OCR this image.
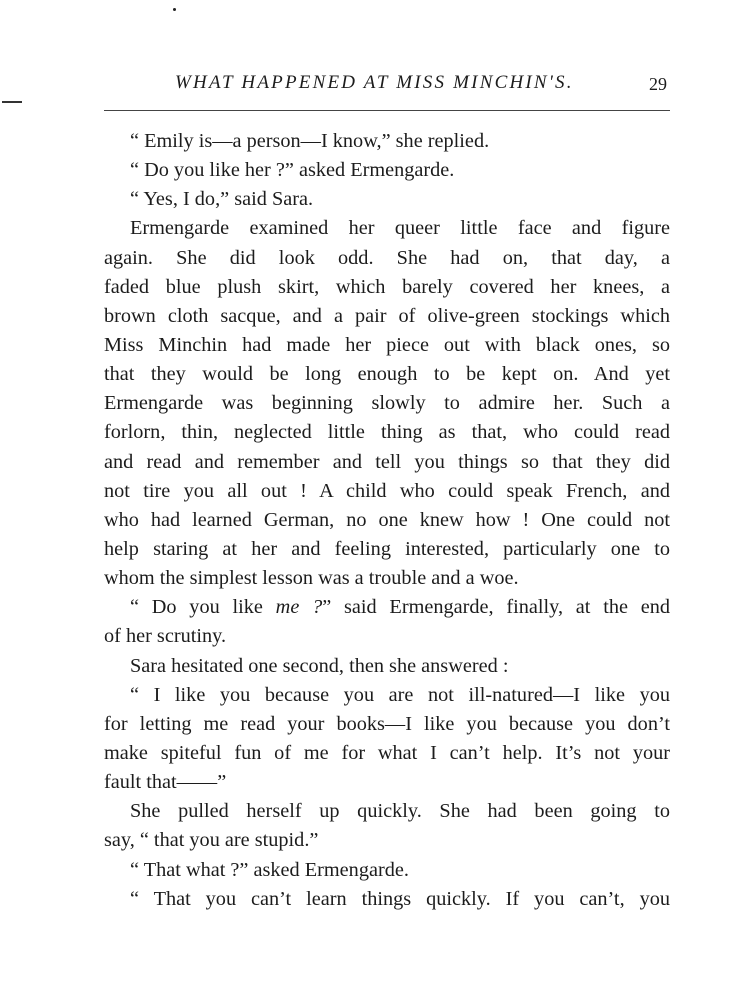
WHAT HAPPENED AT MISS MINCHIN'S.	29
“ Emily is—a person—I know,” she replied.
“ Do you like her ?” asked Ermengarde.
“ Yes, I do,” said Sara.
Ermengarde examined her queer little face and figure
again. She did look odd. She had on, that day, a
faded blue plush skirt, which barely covered her knees, a
brown cloth sacque, and a pair of olive-green stockings which
Miss Minchin had made her piece out with black ones, so
that they would be long enough to be kept on. And yet
Ermengarde was beginning slowly to admire her. Such a
forlorn, thin, neglected little thing as that, who could read
and read and remember and tell you things so that they did
not tire you all out ! A child who could speak French, and
who had learned German, no one knew how ! One could not
help staring at her and feeling interested, particularly one to
whom the simplest lesson was a trouble and a woe.
“ Do you like me ?” said Ermengarde, finally, at the end
of her scrutiny.
Sara hesitated one second, then she answered :
“ I like you because you are not ill-natured—I like you
for letting me read your books—I like you because you don’t
make spiteful fun of me for what I can’t help. It’s not your
fault that——”
She pulled herself up quickly. She had been going to
say, “ that you are stupid.”
“ That what ?” asked Ermengarde.
“ That you can’t learn things quickly. If you can’t, you
